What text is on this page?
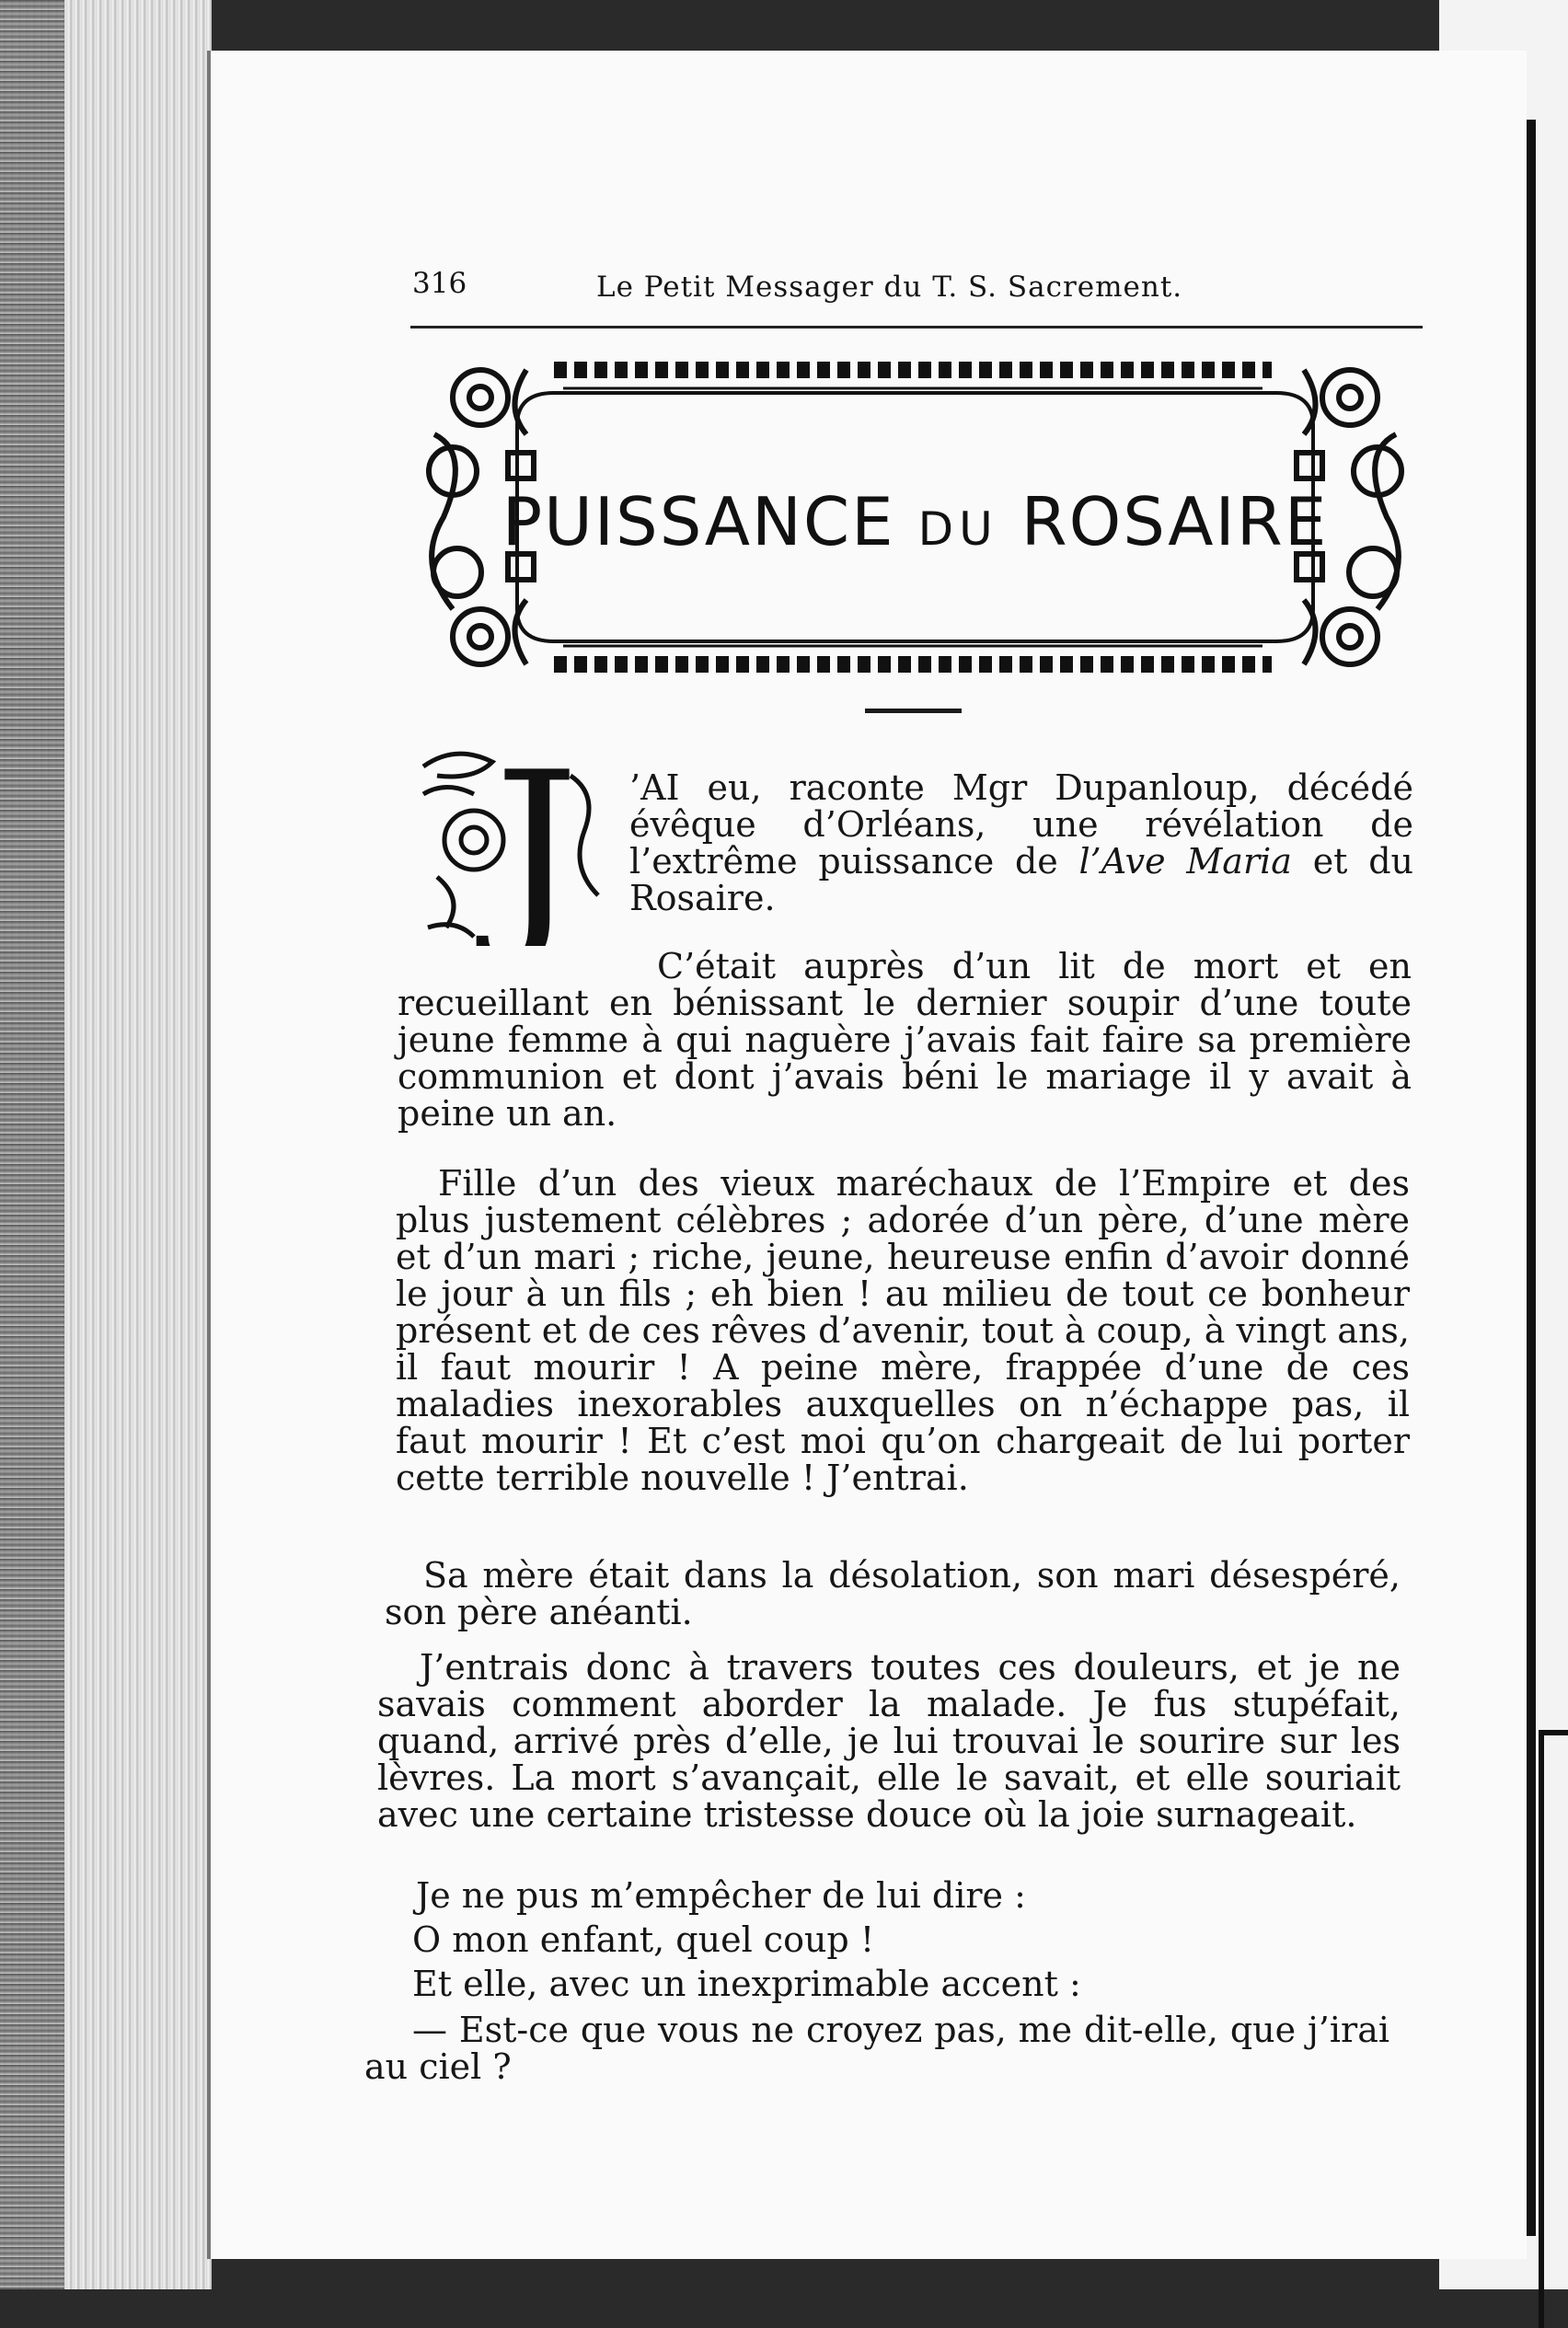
316	Le Petit Messager du T. S. Sacrement.
PUISSANCE DU ROSAIRE
J ’AI eu, raconte Mgr Dupanloup, décédé évêque d’Orléans, une révélation de l’extrême puissance de l’Ave Maria et du Rosaire.
C’était auprès d’un lit de mort et en recueillant en bénissant le dernier soupir d’une toute jeune femme à qui naguère j’avais fait faire sa première communion et dont j’avais béni le mariage il y avait à peine un an.
Fille d’un des vieux maréchaux de l’Empire et des plus justement célèbres ; adorée d’un père, d’une mère et d’un mari ; riche, jeune, heureuse enfin d’avoir donné le jour à un fils ; eh bien ! au milieu de tout ce bonheur présent et de ces rêves d’avenir, tout à coup, à vingt ans, il faut mourir ! A peine mère, frappée d’une de ces maladies inexorables auxquelles on n’échappe pas, il faut mourir ! Et c’est moi qu’on chargeait de lui porter cette terrible nouvelle ! J’entrai.
Sa mère était dans la désolation, son mari désespéré, son père anéanti.
J’entrais donc à travers toutes ces douleurs, et je ne savais comment aborder la malade. Je fus stupéfait, quand, arrivé près d’elle, je lui trouvai le sourire sur les lèvres. La mort s’avançait, elle le savait, et elle souriait avec une certaine tristesse douce où la joie surnageait.

Je ne pus m’empêcher de lui dire :

O mon enfant, quel coup !

Et elle, avec un inexprimable accent :

— Est-ce que vous ne croyez pas, me dit-elle, que j’irai au ciel ?
